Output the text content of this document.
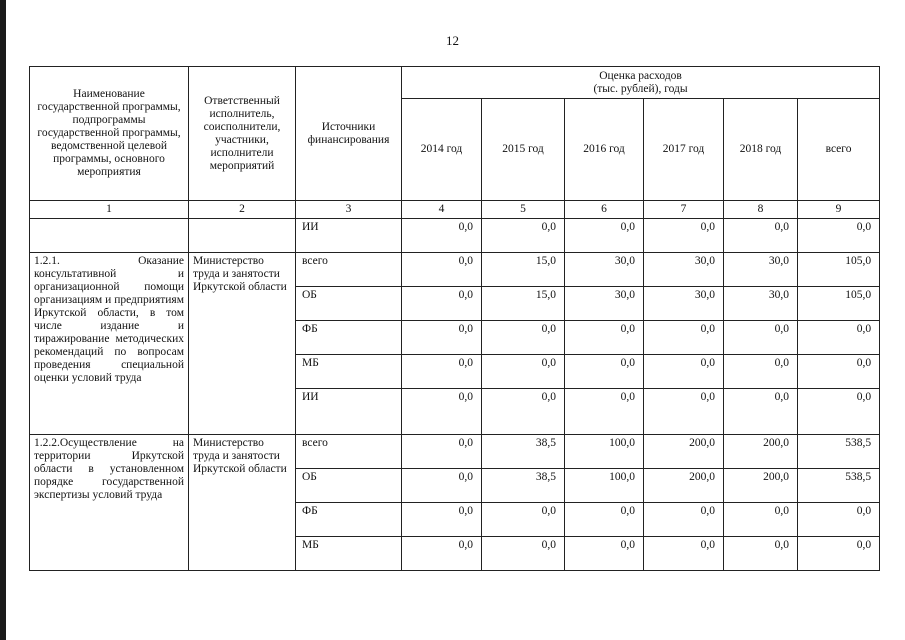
12
Наименование государственной программы, подпрограммы государственной программы, ведомственной целевой программы, основного мероприятия	Ответственный исполнитель, соисполнители, участники, исполнители мероприятий	Источники финансирования	Оценка расходов
(тыс. рублей), годы					

			2014 год	2015 год	2016 год	2017 год	2018 год	всего
1	2	3	4	5	6	7	8	9
		ИИ	0,0	0,0	0,0	0,0	0,0	0,0
1.2.1. Оказание консультативной и организационной помощи организациям и предприятиям Иркутской области, в том числе издание и тиражирование методических рекомендаций по вопросам проведения специальной оценки условий труда	Министерство труда и занятости Иркутской области	всего	0,0	15,0	30,0	30,0	30,0	105,0
		ОБ	0,0	15,0	30,0	30,0	30,0	105,0
		ФБ	0,0	0,0	0,0	0,0	0,0	0,0
		МБ	0,0	0,0	0,0	0,0	0,0	0,0
		ИИ	0,0	0,0	0,0	0,0	0,0	0,0
1.2.2.Осуществление на территории Иркутской области в установленном порядке государственной экспертизы условий труда	Министерство труда и занятости Иркутской области	всего	0,0	38,5	100,0	200,0	200,0	538,5
		ОБ	0,0	38,5	100,0	200,0	200,0	538,5
		ФБ	0,0	0,0	0,0	0,0	0,0	0,0
		МБ	0,0	0,0	0,0	0,0	0,0	0,0
